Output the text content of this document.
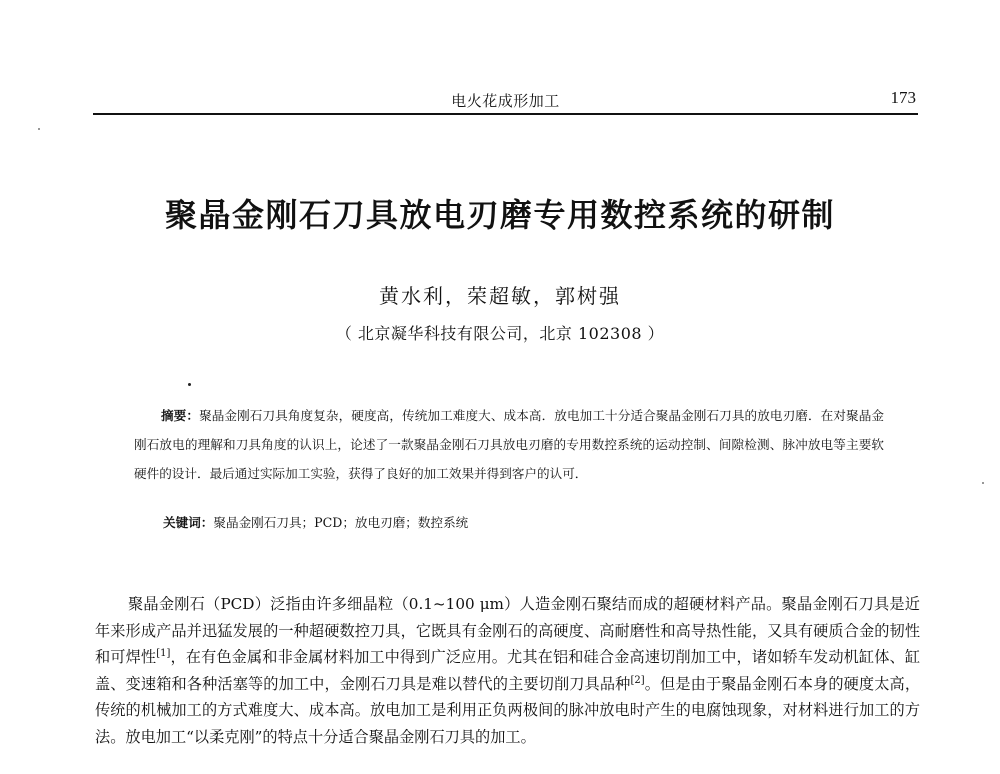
电火花成形加工	173
聚晶金刚石刀具放电刃磨专用数控系统的研制
黄水利，荣超敏，郭树强
（ 北京凝华科技有限公司，北京 102308 ）
摘要：聚晶金刚石刀具角度复杂，硬度高，传统加工难度大、成本高．放电加工十分适合聚晶金刚石刀具的放电刃磨．在对聚晶金刚石放电的理解和刀具角度的认识上，论述了一款聚晶金刚石刀具放电刃磨的专用数控系统的运动控制、间隙检测、脉冲放电等主要软硬件的设计．最后通过实际加工实验，获得了良好的加工效果并得到客户的认可．
关键词：聚晶金刚石刀具；PCD；放电刃磨；数控系统
聚晶金刚石（PCD）泛指由许多细晶粒（0.1~100 μm）人造金刚石聚结而成的超硬材料产品。聚晶金刚石刀具是近年来形成产品并迅猛发展的一种超硬数控刀具，它既具有金刚石的高硬度、高耐磨性和高导热性能，又具有硬质合金的韧性和可焊性[1]，在有色金属和非金属材料加工中得到广泛应用。尤其在铝和硅合金高速切削加工中，诸如轿车发动机缸体、缸盖、变速箱和各种活塞等的加工中，金刚石刀具是难以替代的主要切削刀具品种[2]。但是由于聚晶金刚石本身的硬度太高，传统的机械加工的方式难度大、成本高。放电加工是利用正负两极间的脉冲放电时产生的电腐蚀现象，对材料进行加工的方法。放电加工“以柔克刚”的特点十分适合聚晶金刚石刀具的加工。
